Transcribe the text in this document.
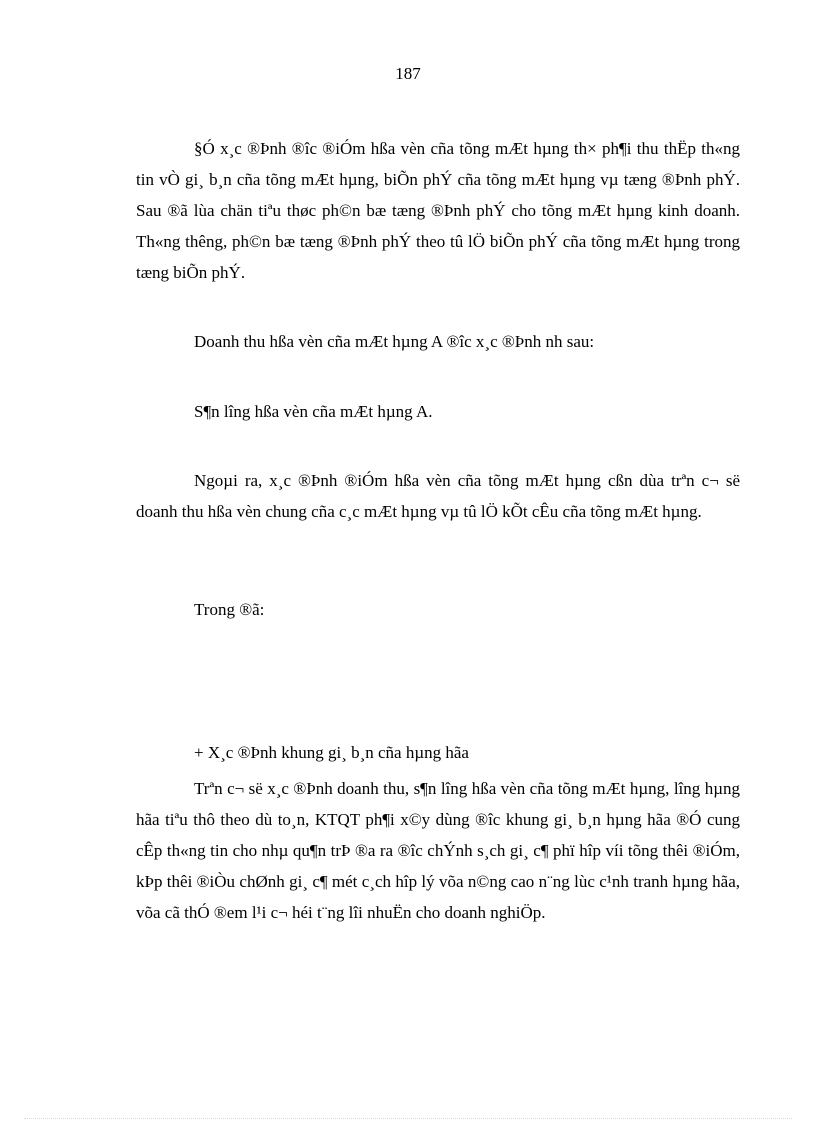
187

§Ó x¸c ®Þnh ®îc ®iÓm hßa vèn cña tõng mÆt hµng th× ph¶i thu thËp th«ng tin vÒ gi¸ b¸n cña tõng mÆt hµng, biÕn phÝ cña tõng mÆt hµng vµ tæng ®Þnh phÝ. Sau ®ã lùa chän tiªu thøc ph©n bæ tæng ®Þnh phÝ cho tõng mÆt hµng kinh doanh. Th«ng thêng, ph©n bæ tæng ®Þnh phÝ theo tû lÖ biÕn phÝ cña tõng mÆt hµng trong tæng biÕn phÝ.

Doanh thu hßa vèn cña mÆt hµng A ®îc x¸c ®Þnh nh sau:

S¶n lîng hßa vèn cña mÆt hµng A.

Ngoµi ra, x¸c ®Þnh ®iÓm hßa vèn cña tõng mÆt hµng cßn dùa trªn c¬ së doanh thu hßa vèn chung cña c¸c mÆt hµng vµ tû lÖ kÕt cÊu cña tõng mÆt hµng.

Trong ®ã:

+ X¸c ®Þnh khung gi¸ b¸n cña hµng hãa

Trªn c¬ së x¸c ®Þnh doanh thu, s¶n lîng hßa vèn cña tõng mÆt hµng, lîng hµng hãa tiªu thô theo dù to¸n, KTQT ph¶i x©y dùng ®îc khung gi¸ b¸n hµng hãa ®Ó cung cÊp th«ng tin cho nhµ qu¶n trÞ ®a ra ®îc chÝnh s¸ch gi¸ c¶ phï hîp víi tõng thêi ®iÓm, kÞp thêi ®iÒu chØnh gi¸ c¶ mét c¸ch hîp lý võa n©ng cao n¨ng lùc c¹nh tranh hµng hãa, võa cã thÓ ®em l¹i c¬ héi t¨ng lîi nhuËn cho doanh nghiÖp.
